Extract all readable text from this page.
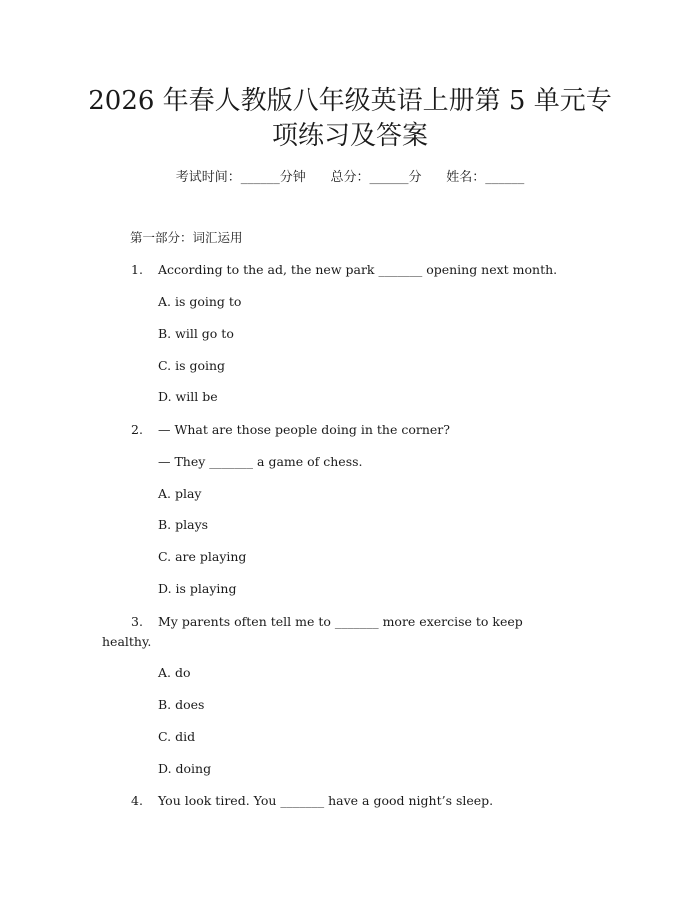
2026 年春人教版八年级英语上册第 5 单元专
项练习及答案
考试时间：______分钟      总分：______分      姓名：______
第一部分：词汇运用
1. According to the ad, the new park _______ opening next month.
A. is going to
B. will go to
C. is going
D. will be
2. — What are those people doing in the corner?
— They _______ a game of chess.
A. play
B. plays
C. are playing
D. is playing
3. My parents often tell me to _______ more exercise to keep
healthy.
A. do
B. does
C. did
D. doing
4. You look tired. You _______ have a good night’s sleep.
